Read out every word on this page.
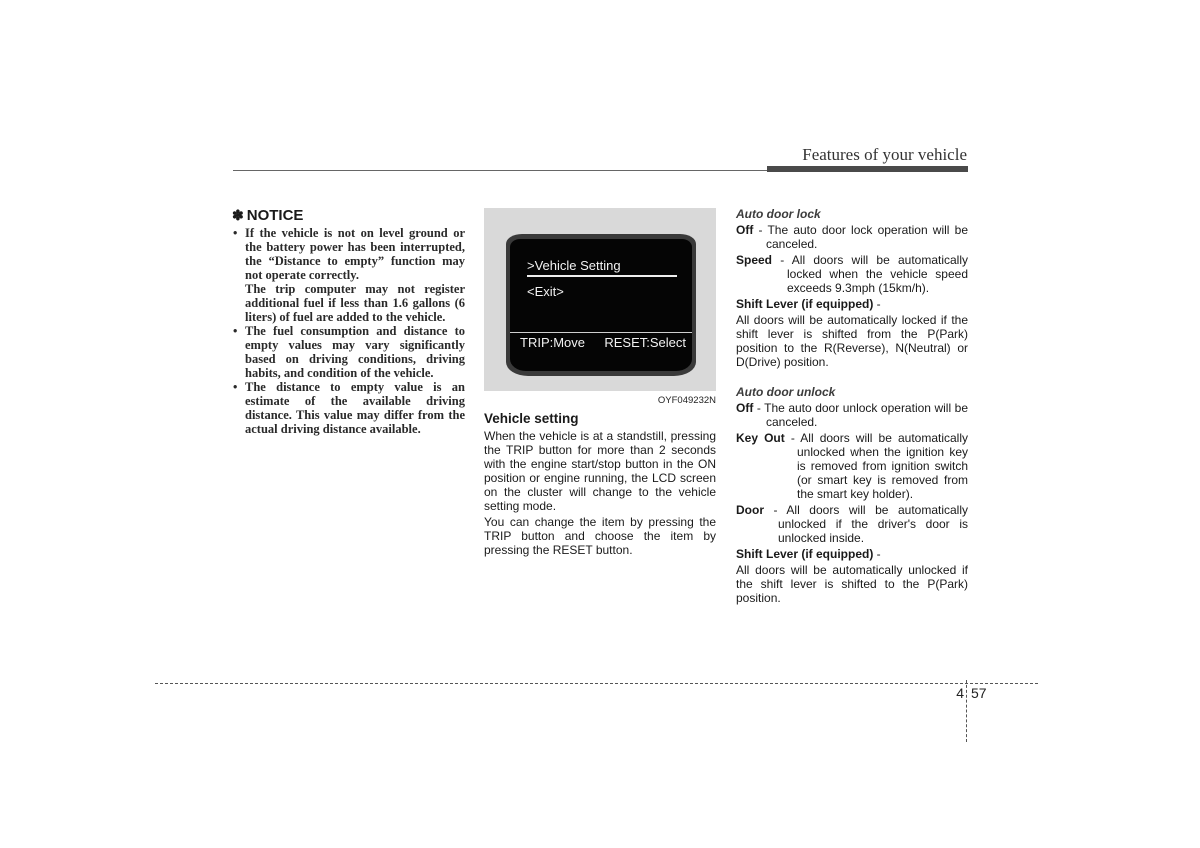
Features of your vehicle
✽ NOTICE
• If the vehicle is not on level ground or the battery power has been interrupted, the “Distance to empty” function may not operate correctly.
The trip computer may not register additional fuel if less than 1.6 gallons (6 liters) of fuel are added to the vehicle.
• The fuel consumption and distance to empty values may vary significantly based on driving conditions, driving habits, and condition of the vehicle.
• The distance to empty value is an estimate of the available driving distance. This value may differ from the actual driving distance available.
>Vehicle Setting
<Exit>
TRIP:Move RESET:Select
OYF049232N
Vehicle setting

When the vehicle is at a standstill, pressing the TRIP button for more than 2 seconds with the engine start/stop button in the ON position or engine running, the LCD screen on the cluster will change to the vehicle setting mode.

You can change the item by pressing the TRIP button and choose the item by pressing the RESET button.

Auto door lock
Off - The auto door lock operation will be canceled.
Speed - All doors will be automatically locked when the vehicle speed exceeds 9.3mph (15km/h).
Shift Lever (if equipped) -
All doors will be automatically locked if the shift lever is shifted from the P(Park) position to the R(Reverse), N(Neutral) or D(Drive) position.
Auto door unlock
Off - The auto door unlock operation will be canceled.
Key Out - All doors will be automatically unlocked when the ignition key is removed from ignition switch (or smart key is removed from the smart key holder).
Door - All doors will be automatically unlocked if the driver's door is unlocked inside.
Shift Lever (if equipped) -
All doors will be automatically unlocked if the shift lever is shifted to the P(Park) position.
4 57
